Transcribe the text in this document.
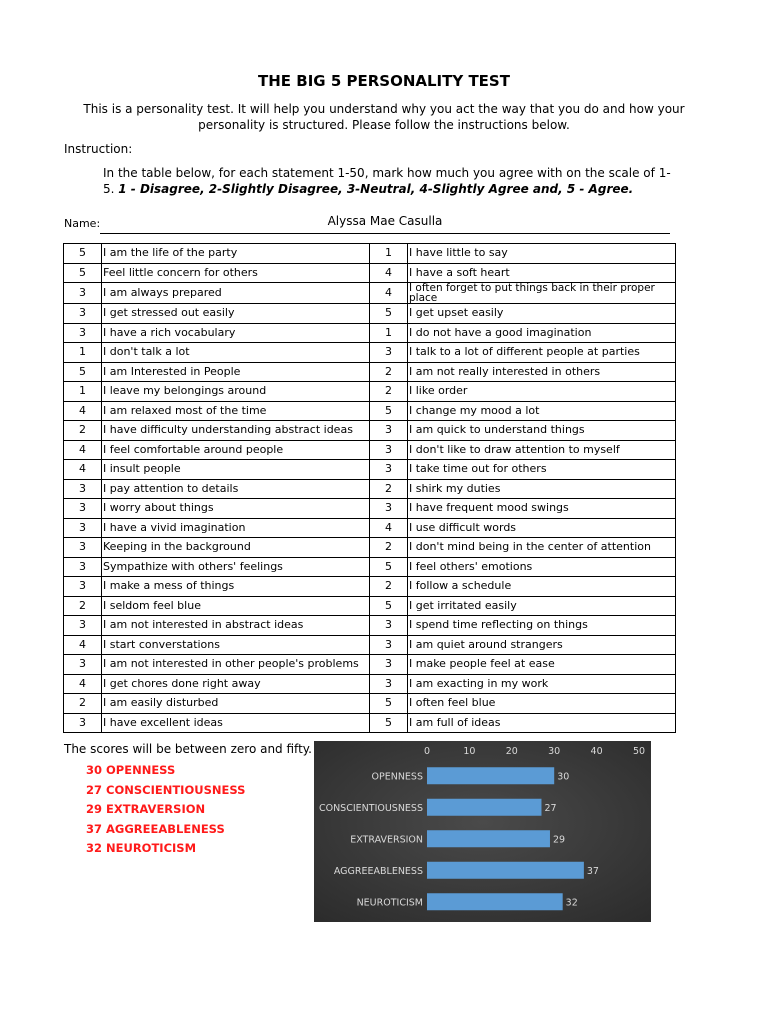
THE BIG 5 PERSONALITY TEST
This is a personality test. It will help you understand why you act the way that you do and how your personality is structured. Please follow the instructions below.
Instruction:
In the table below, for each statement 1-50, mark how much you agree with on the scale of 1-5. 1 - Disagree, 2-Slightly Disagree, 3-Neutral, 4-Slightly Agree and, 5 - Agree.
Name:	Alyssa Mae Casulla
5	I am the life of the party	1	I have little to say
5	Feel little concern for others	4	I have a soft heart
3	I am always prepared	4	I often forget to put things back in their proper place
3	I get stressed out easily	5	I get upset easily
3	I have a rich vocabulary	1	I do not have a good imagination
1	I don't talk a lot	3	I talk to a lot of different people at parties
5	I am Interested in People	2	I am not really interested in others
1	I leave my belongings around	2	I like order
4	I am relaxed most of the time	5	I change my mood a lot
2	I have difficulty understanding abstract ideas	3	I am quick to understand things
4	I feel comfortable around people	3	I don't like to draw attention to myself
4	I insult people	3	I take time out for others
3	I pay attention to details	2	I shirk my duties
3	I worry about things	3	I have frequent mood swings
3	I have a vivid imagination	4	I use difficult words
3	Keeping in the background	2	I don't mind being in the center of attention
3	Sympathize with others' feelings	5	I feel others' emotions
3	I make a mess of things	2	I follow a schedule
2	I seldom feel blue	5	I get irritated easily
3	I am not interested in abstract ideas	3	I spend time reflecting on things
4	I start converstations	3	I am quiet around strangers
3	I am not interested in other people's problems	3	I make people feel at ease
4	I get chores done right away	3	I am exacting in my work
2	I am easily disturbed	5	I often feel blue
3	I have excellent ideas	5	I am full of ideas
The scores will be between zero and fifty.
30 OPENNESS
27 CONSCIENTIOUSNESS
29 EXTRAVERSION
37 AGGREEABLENESS
32 NEUROTICISM
0	10	20	30	40	50
OPENNESS	30
CONSCIENTIOUSNESS	27
EXTRAVERSION	29
AGGREEABLENESS	37
NEUROTICISM	32
